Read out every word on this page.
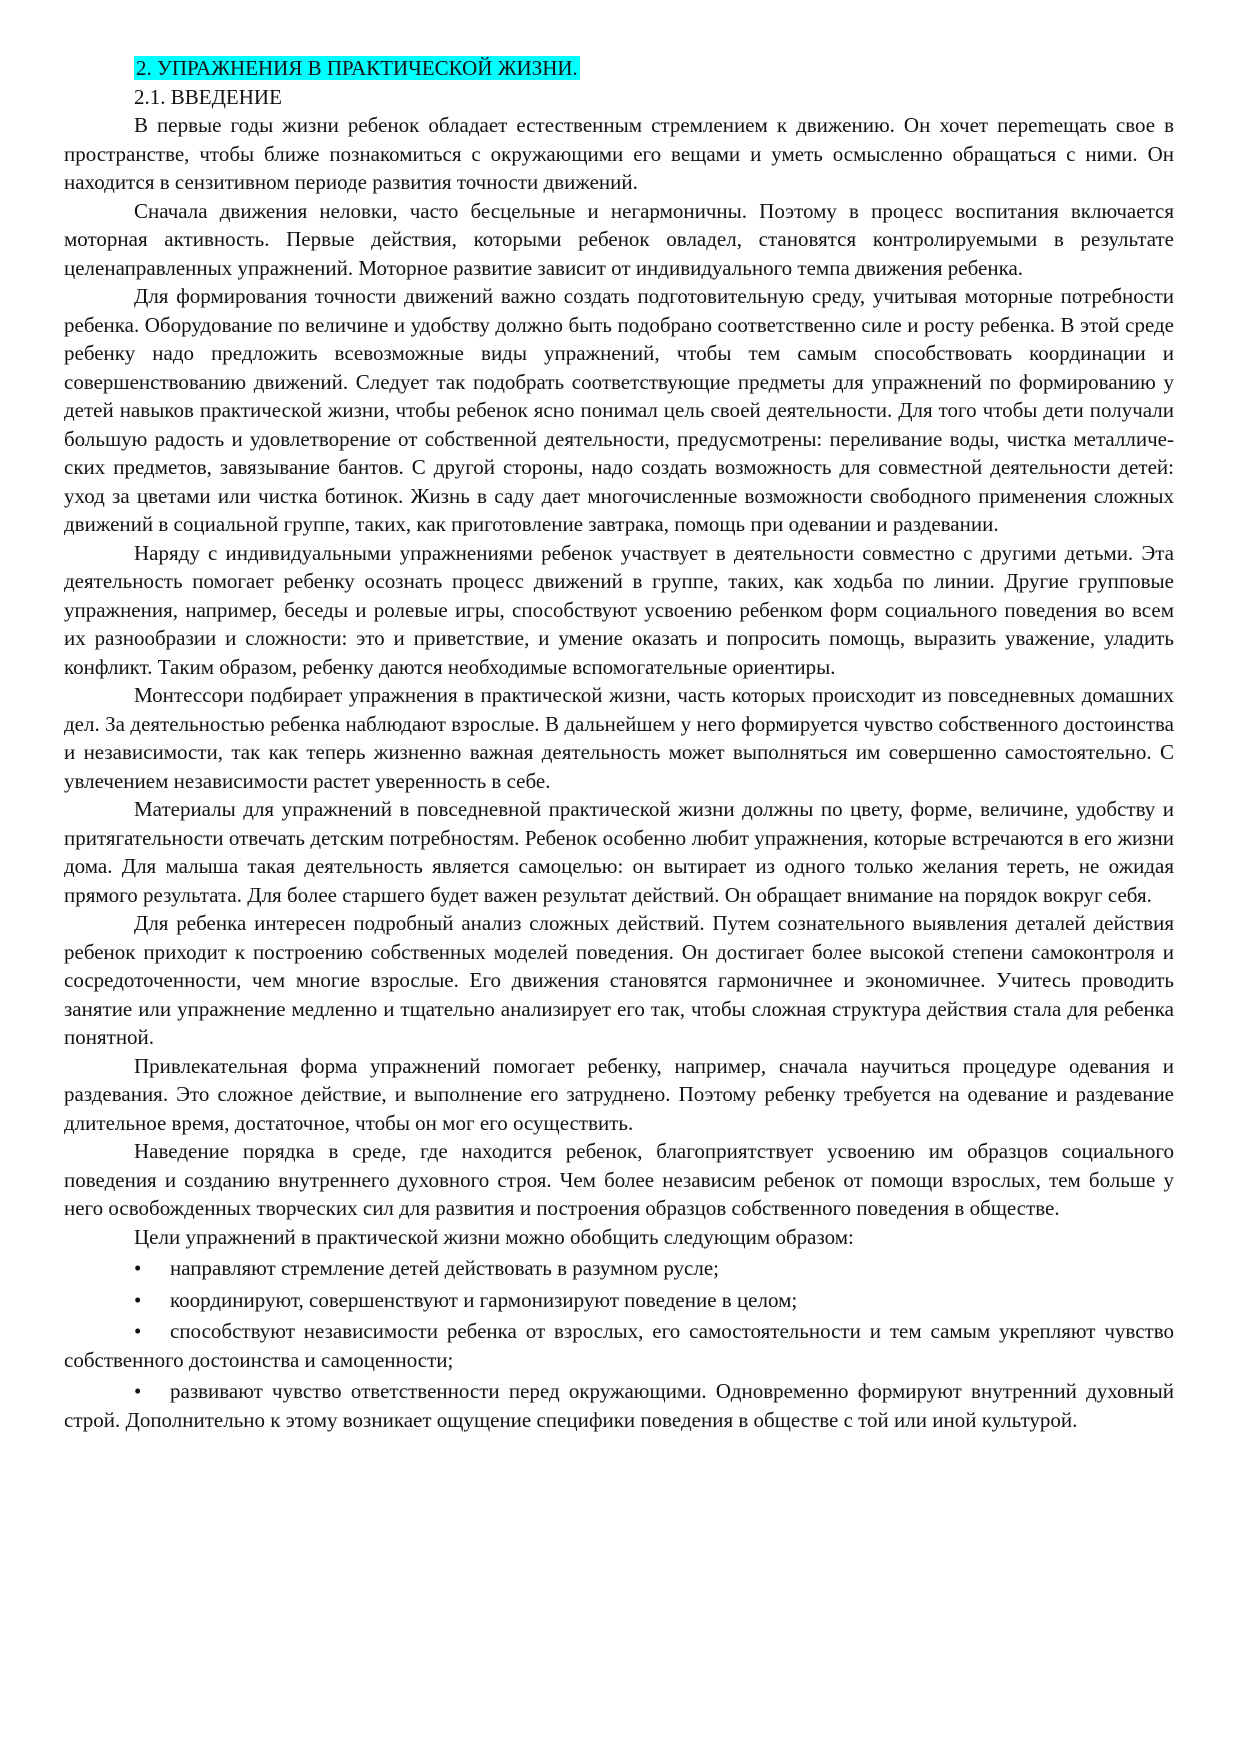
2. УПРАЖНЕНИЯ В ПРАКТИЧЕСКОЙ ЖИЗНИ.
2.1. ВВЕДЕНИЕ

В первые годы жизни ребенок обладает естественным стремлением к движению. Он хочет переmещать свое в пространстве, чтобы ближе познакомиться с окружающими его вещами и уметь осмысленно обращаться с ними. Он находится в сензитивном периоде развития точности движений.

Сначала движения неловки, часто бесцельные и негармоничны. Поэтому в процесс воспитания включается моторная активность. Первые действия, которыми ребенок овладел, становятся контролируемыми в результате целенаправленных упражнений. Моторное развитие зависит от индивидуального темпа движения ребенка.

Для формирования точности движений важно создать подготовительную среду, учитывая моторные потребности ребенка. Оборудование по величине и удобству должно быть подобрано соответственно силе и росту ребенка. В этой среде ребенку надо предложить всевозможные виды упражнений, чтобы тем самым способствовать координации и совершенствованию движений. Следует так подобрать соответствующие предметы для упражнений по формированию у детей навыков практической жизни, чтобы ребенок ясно понимал цель своей деятельности. Для того чтобы дети получали большую радость и удовлетворение от собственной деятельности, предусмотрены: переливание воды, чистка металлических предметов, завязывание бантов. С другой стороны, надо создать возможность для совместной деятельности детей: уход за цветами или чистка ботинок. Жизнь в саду дает многочисленные возможности свободного применения сложных движений в социальной группе, таких, как приготовление завтрака, помощь при одевании и раздевании.

Наряду с индивидуальными упражнениями ребенок участвует в деятельности совместно с другими детьми. Эта деятельность помогает ребенку осознать процесс движений в группе, таких, как ходьба по линии. Другие групповые упражнения, например, беседы и ролевые игры, способствуют усвоению ребенком форм социального поведения во всем их разнообразии и сложности: это и приветствие, и умение оказать и попросить помощь, выразить уважение, уладить конфликт. Таким образом, ребенку даются необходимые вспомогательные ориентиры.

Монтессори подбирает упражнения в практической жизни, часть которых происходит из повседневных домашних дел. За деятельностью ребенка наблюдают взрослые. В дальнейшем у него формируется чувство собственного достоинства и независимости, так как теперь жизненно важная деятельность может выполняться им совершенно самостоятельно. С увлечением независимости растет уверенность в себе.

Материалы для упражнений в повседневной практической жизни должны по цвету, форме, величине, удобству и притягательности отвечать детским потребностям. Ребенок особенно любит упражнения, которые встречаются в его жизни дома. Для малыша такая деятельность является самоцелью: он вытирает из одного только желания тереть, не ожидая прямого результата. Для более старшего будет важен результат действий. Он обращает внимание на порядок вокруг себя.

Для ребенка интересен подробный анализ сложных действий. Путем сознательного выявления деталей действия ребенок приходит к построению собственных моделей поведения. Он достигает более высокой степени самоконтроля и сосредоточенности, чем многие взрослые. Его движения становятся гармоничнее и экономичнее. Учитесь проводить занятие или упражнение медленно и тщательно анализирует его так, чтобы сложная структура действия стала для ребенка понятной.

Привлекательная форма упражнений помогает ребенку, например, сначала научиться процедуре одевания и раздевания. Это сложное действие, и выполнение его затруднено. Поэтому ребенку требуется на одевание и раздевание длительное время, достаточное, чтобы он мог его осуществить.

Наведение порядка в среде, где находится ребенок, благоприятствует усвоению им образцов социального поведения и созданию внутреннего духовного строя. Чем более независим ребенок от помощи взрослых, тем больше у него освобожденных творческих сил для развития и построения образцов собственного поведения в обществе.

Цели упражнений в практической жизни можно обобщить следующим образом:

• направляют стремление детей действовать в разумном русле;
• координируют, совершенствуют и гармонизируют поведение в целом;
• способствуют независимости ребенка от взрослых, его самостоятельности и тем самым укрепляют чувство собственного достоинства и самоценности;
• развивают чувство ответственности перед окружающими. Одновременно формируют внутренний духовный строй. Дополнительно к этому возникает ощущение специфики поведения в обществе с той или иной культурой.
